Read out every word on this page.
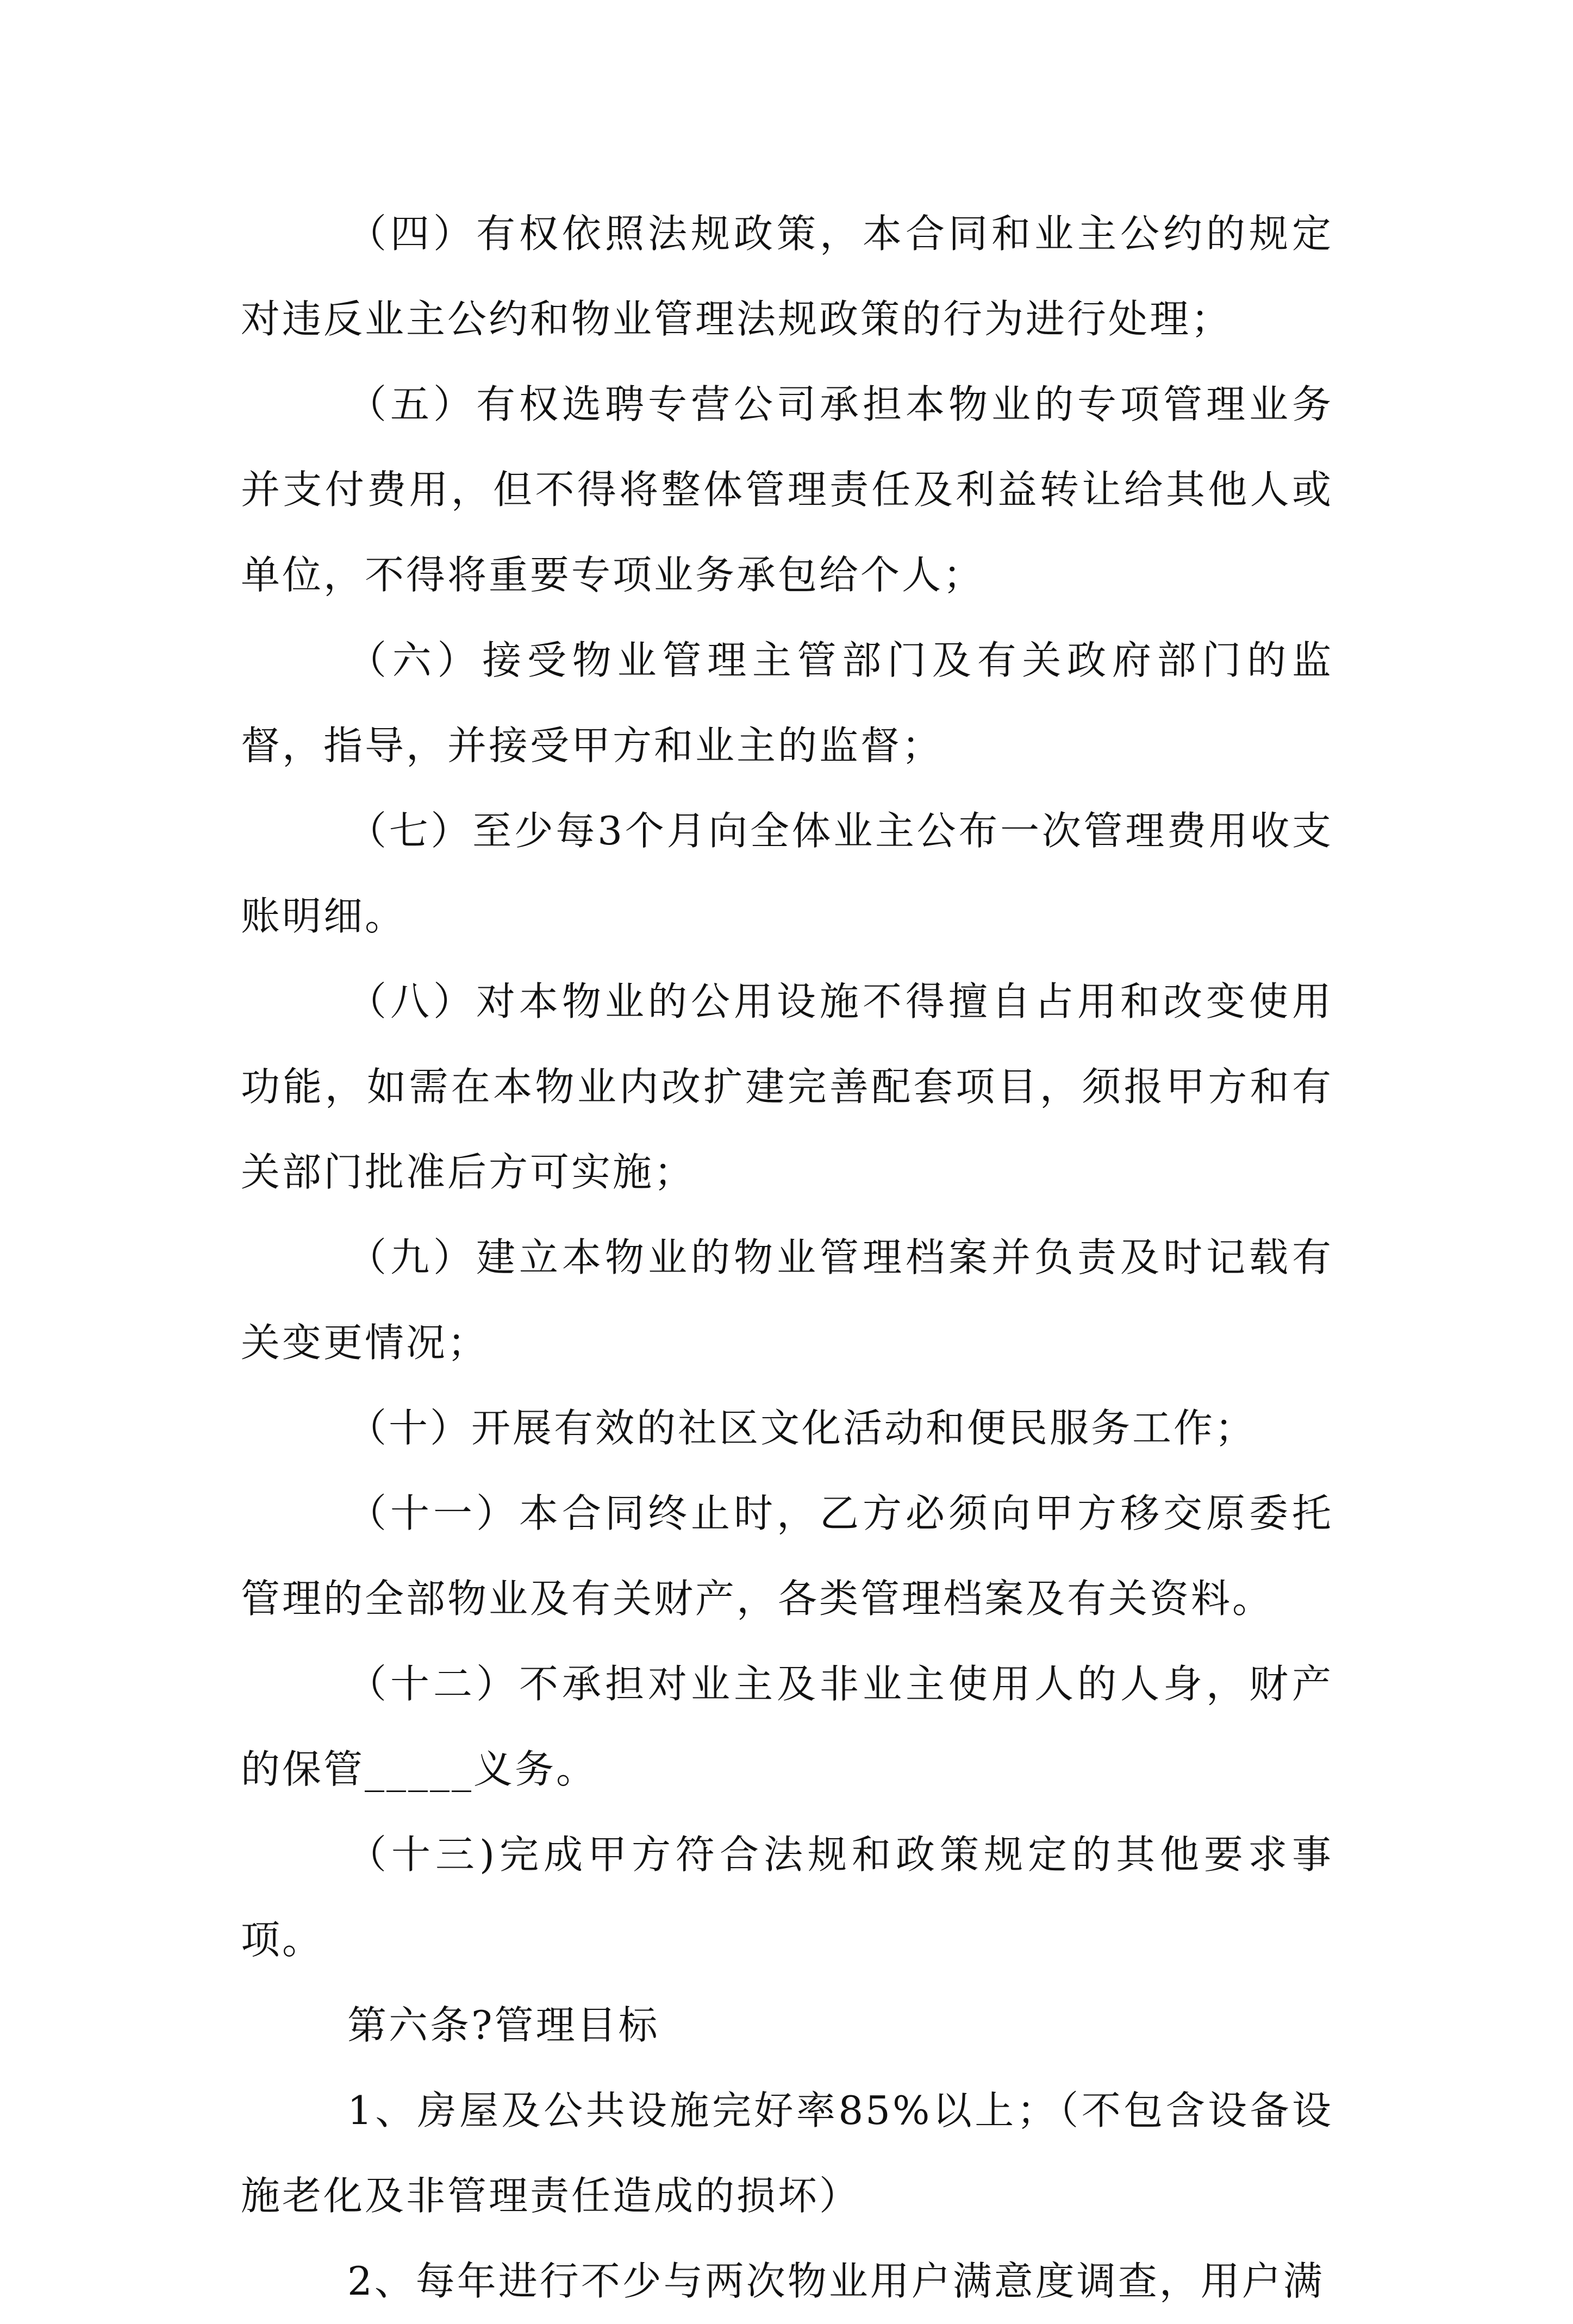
（四）有权依照法规政策，本合同和业主公约的规定对违反业主公约和物业管理法规政策的行为进行处理；

（五）有权选聘专营公司承担本物业的专项管理业务并支付费用，但不得将整体管理责任及利益转让给其他人或单位，不得将重要专项业务承包给个人；

（六）接受物业管理主管部门及有关政府部门的监督，指导，并接受甲方和业主的监督；

（七）至少每3个月向全体业主公布一次管理费用收支账明细。

（八）对本物业的公用设施不得擅自占用和改变使用功能，如需在本物业内改扩建完善配套项目，须报甲方和有关部门批准后方可实施；

（九）建立本物业的物业管理档案并负责及时记载有关变更情况；

（十）开展有效的社区文化活动和便民服务工作；

（十一）本合同终止时，乙方必须向甲方移交原委托管理的全部物业及有关财产，各类管理档案及有关资料。

（十二）不承担对业主及非业主使用人的人身，财产的保管_____义务。

（十三)完成甲方符合法规和政策规定的其他要求事项。

第六条?管理目标

1、房屋及公共设施完好率85%以上；（不包含设备设施老化及非管理责任造成的损坏）

2、每年进行不少与两次物业用户满意度调查，用户满
